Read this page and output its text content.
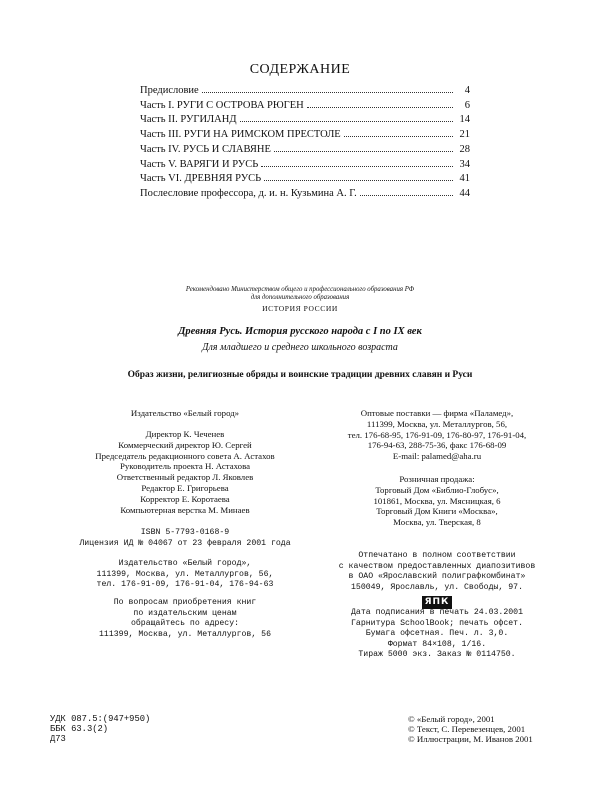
СОДЕРЖАНИЕ
Предисловие	4
Часть I. РУГИ С ОСТРОВА РЮГЕН	6
Часть II. РУГИЛАНД	14
Часть III. РУГИ НА РИМСКОМ ПРЕСТОЛЕ	21
Часть IV. РУСЬ И СЛАВЯНЕ	28
Часть V. ВАРЯГИ И РУСЬ	34
Часть VI. ДРЕВНЯЯ РУСЬ	41
Послесловие профессора, д. и. н. Кузьмина А. Г.	44
Рекомендовано Министерством общего и профессионального образования РФ
для дополнительного образования
ИСТОРИЯ РОССИИ
Древняя Русь. История русского народа с I по IX век
Для младшего и среднего школьного возраста
Образ жизни, религиозные обряды и воинские традиции древних славян и Руси
Издательство «Белый город»
Директор К. Чеченев
Коммерческий директор Ю. Сергей
Председатель редакционного совета А. Астахов
Руководитель проекта Н. Астахова
Ответственный редактор Л. Яковлев
Редактор Е. Григорьева
Корректор Е. Коротаева
Компьютерная верстка М. Минаев
ISBN 5-7793-0168-9
Лицензия ИД № 04067 от 23 февраля 2001 года
Издательство «Белый город»,
111399, Москва, ул. Металлургов, 56,
тел. 176-91-09, 176-91-04, 176-94-63
По вопросам приобретения книг
по издательским ценам
обращайтесь по адресу:
111399, Москва, ул. Металлургов, 56
Оптовые поставки — фирма «Паламед»,
111399, Москва, ул. Металлургов, 56,
тел. 176-68-95, 176-91-09, 176-80-97, 176-91-04,
176-94-63, 288-75-36, факс 176-68-09
E-mail: palamed@aha.ru
Розничная продажа:
Торговый Дом «Библио-Глобус»,
101861, Москва, ул. Мясницкая, 6
Торговый Дом Книги «Москва»,
Москва, ул. Тверская, 8
Отпечатано в полном соответствии
с качеством предоставленных диапозитивов
в ОАО «Ярославский полиграфкомбинат»
150049, Ярославль, ул. Свободы, 97.
ЯПК
Дата подписания в печать 24.03.2001
Гарнитура SchoolBook; печать офсет.
Бумага офсетная. Печ. л. 3,0.
Формат 84×108, 1/16.
Тираж 5000 экз. Заказ № 0114750.
УДК 087.5:(947+950)
ББК 63.3(2)
Д73
© «Белый город», 2001
© Текст, С. Перевезенцев, 2001
© Иллюстрации, М. Иванов 2001
